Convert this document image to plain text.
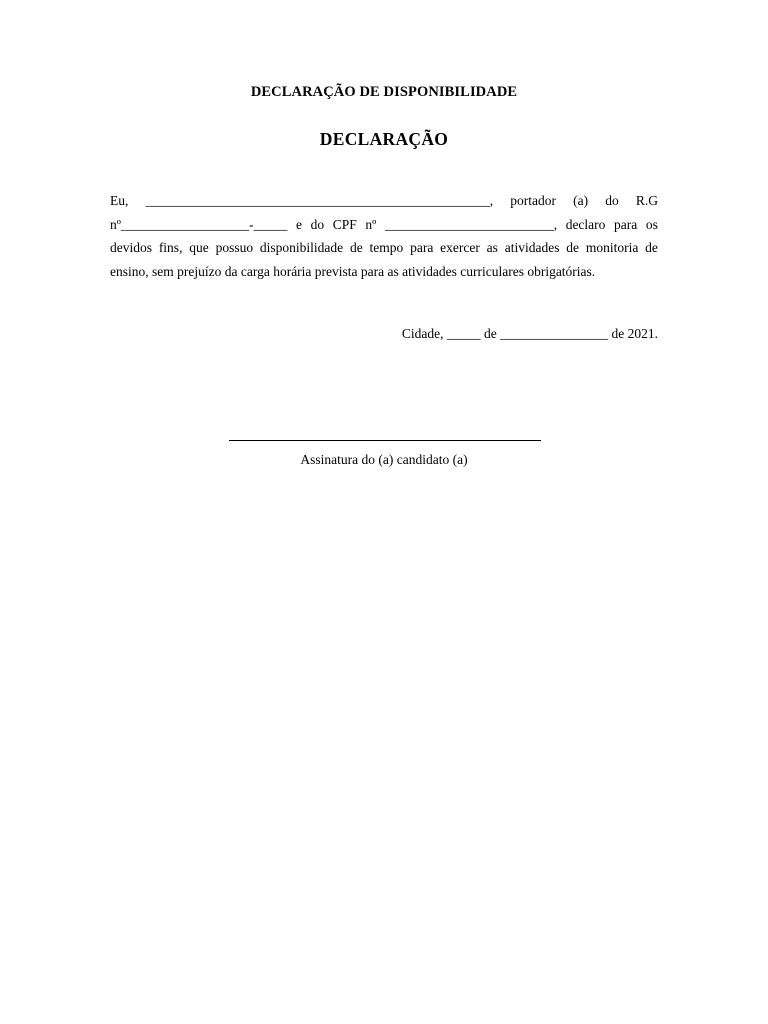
DECLARAÇÃO DE DISPONIBILIDADE
DECLARAÇÃO
Eu, ___________________________________________________, portador (a) do R.G
nº___________________-_____ e do CPF nº _________________________, declaro para os
devidos fins, que possuo disponibilidade de tempo para exercer as atividades de monitoria de
ensino, sem prejuízo da carga horária prevista para as atividades curriculares obrigatórias.
Cidade, _____ de ________________ de 2021.
Assinatura do (a) candidato (a)
